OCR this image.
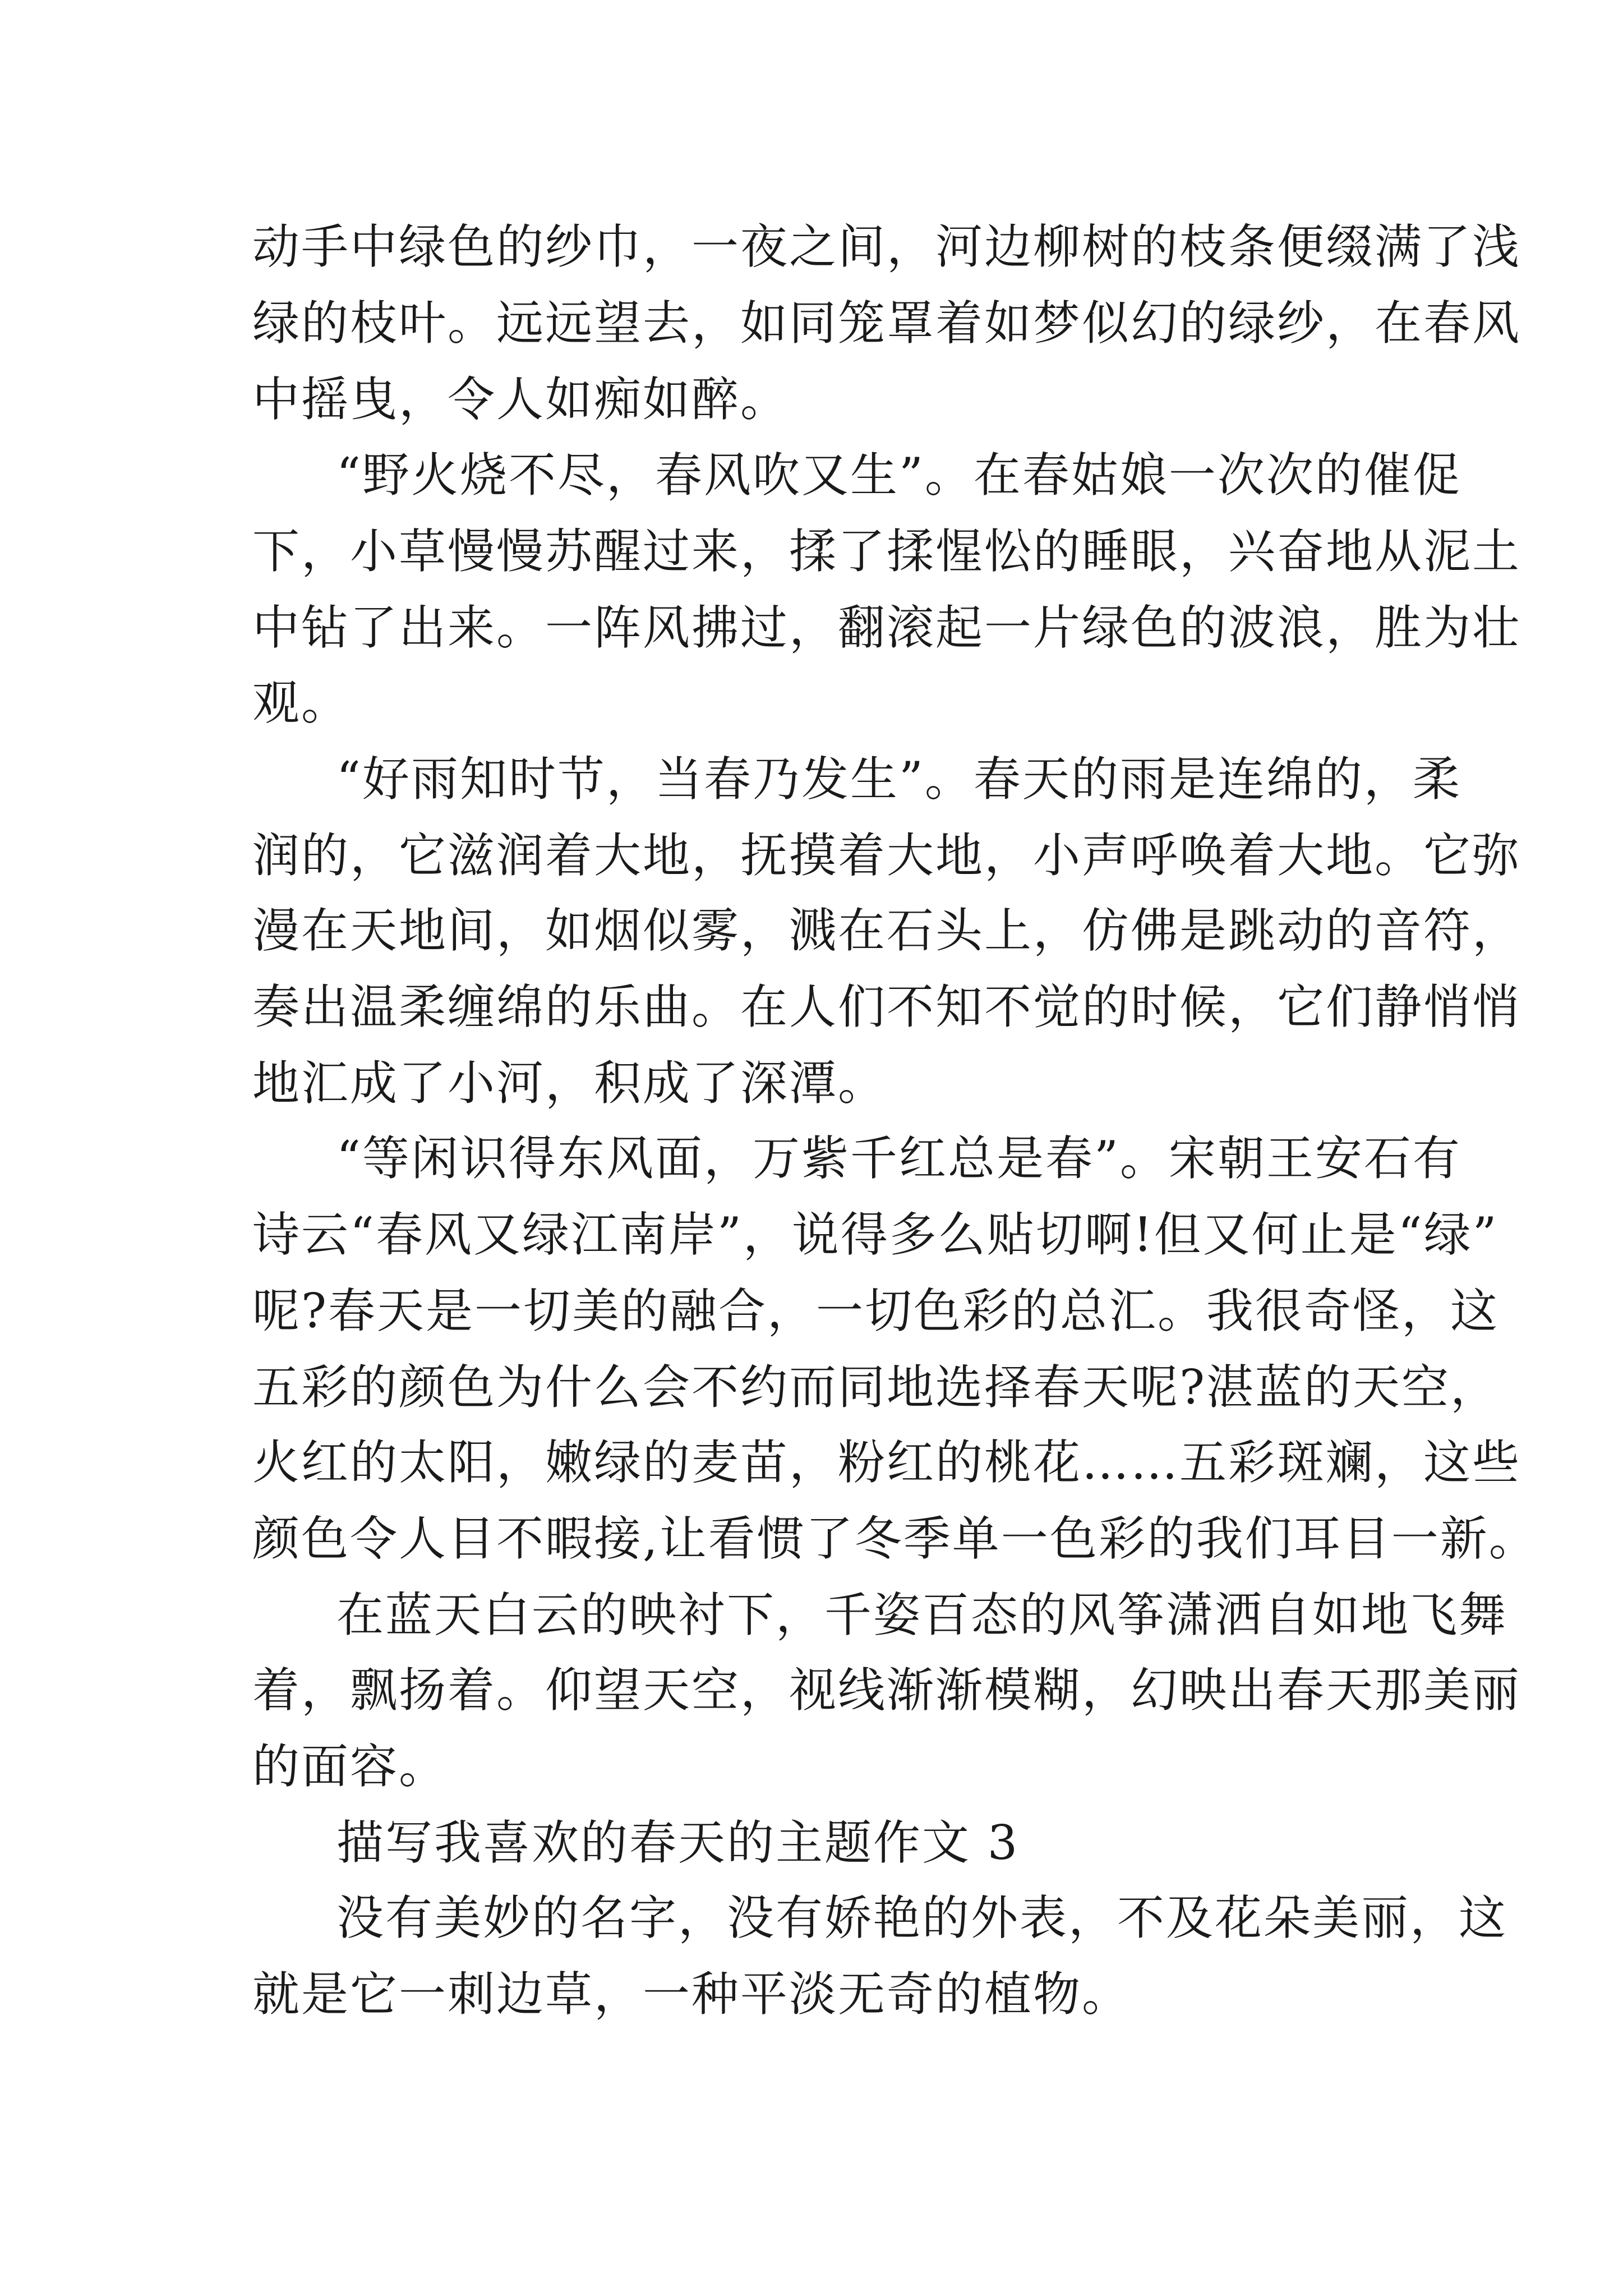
动手中绿色的纱巾，一夜之间，河边柳树的枝条便缀满了浅
绿的枝叶。远远望去，如同笼罩着如梦似幻的绿纱，在春风
中摇曳，令人如痴如醉。
“野火烧不尽，春风吹又生”。在春姑娘一次次的催促
下，小草慢慢苏醒过来，揉了揉惺忪的睡眼，兴奋地从泥土
中钻了出来。一阵风拂过，翻滚起一片绿色的波浪，胜为壮
观。
“好雨知时节，当春乃发生”。春天的雨是连绵的，柔
润的，它滋润着大地，抚摸着大地，小声呼唤着大地。它弥
漫在天地间，如烟似雾，溅在石头上，仿佛是跳动的音符，
奏出温柔缠绵的乐曲。在人们不知不觉的时候，它们静悄悄
地汇成了小河，积成了深潭。
“等闲识得东风面，万紫千红总是春”。宋朝王安石有
诗云“春风又绿江南岸”，说得多么贴切啊!但又何止是“绿”
呢?春天是一切美的融合，一切色彩的总汇。我很奇怪，这
五彩的颜色为什么会不约而同地选择春天呢?湛蓝的天空，
火红的太阳，嫩绿的麦苗，粉红的桃花……五彩斑斓，这些
颜色令人目不暇接,让看惯了冬季单一色彩的我们耳目一新。
在蓝天白云的映衬下，千姿百态的风筝潇洒自如地飞舞
着，飘扬着。仰望天空，视线渐渐模糊，幻映出春天那美丽
的面容。
描写我喜欢的春天的主题作文 3
没有美妙的名字，没有娇艳的外表，不及花朵美丽，这
就是它一刺边草，一种平淡无奇的植物。
